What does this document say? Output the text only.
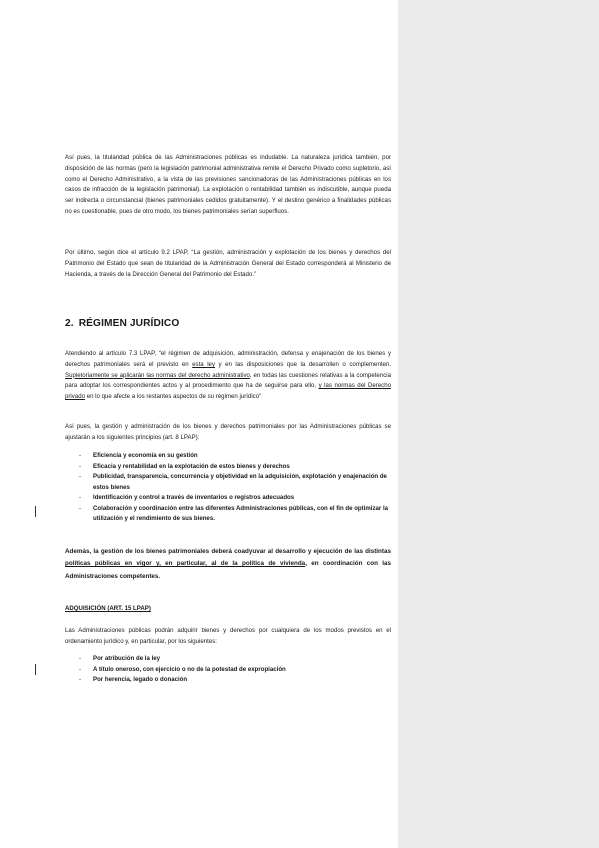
Así pues, la titularidad pública de las Administraciones públicas es indudable. La naturaleza jurídica también, por disposición de las normas (pero la legislación patrimonial administrativa remite el Derecho Privado como supletorio, así como el Derecho Administrativo, a la vista de las previsiones sancionadoras de las Administraciones públicas en los casos de infracción de la legislación patrimonial). La explotación o rentabilidad también es indiscutible, aunque pueda ser indirecta o circunstancial (bienes patrimoniales cedidos gratuitamente). Y el destino genérico a finalidades públicas no es cuestionable, pues de otro modo, los bienes patrimoniales serían superfluos.

Por último, según dice el artículo 9.2 LPAP, “La gestión, administración y explotación de los bienes y derechos del Patrimonio del Estado que sean de titularidad de la Administración General del Estado corresponderá al Ministerio de Hacienda, a través de la Dirección General del Patrimonio del Estado.”

2. RÉGIMEN JURÍDICO

Atendiendo al artículo 7.3 LPAP, “el régimen de adquisición, administración, defensa y enajenación de los bienes y derechos patrimoniales será el previsto en esta ley y en las disposiciones que la desarrollen o complementen. Supletoriamente se aplicarán las normas del derecho administrativo, en todas las cuestiones relativas a la competencia para adoptar los correspondientes actos y al procedimiento que ha de seguirse para ello, y las normas del Derecho privado en lo que afecte a los restantes aspectos de su régimen jurídico”

Así pues, la gestión y administración de los bienes y derechos patrimoniales por las Administraciones públicas se ajustarán a los siguientes principios (art. 8 LPAP):

- Eficiencia y economía en su gestión
- Eficacia y rentabilidad en la explotación de estos bienes y derechos
- Publicidad, transparencia, concurrencia y objetividad en la adquisición, explotación y enajenación de estos bienes
- Identificación y control a través de inventarios o registros adecuados
- Colaboración y coordinación entre las diferentes Administraciones públicas, con el fin de optimizar la utilización y el rendimiento de sus bienes.

Además, la gestión de los bienes patrimoniales deberá coadyuvar al desarrollo y ejecución de las distintas políticas públicas en vigor y, en particular, al de la política de vivienda, en coordinación con las Administraciones competentes.

ADQUISICIÓN (ART. 15 LPAP)

Las Administraciones públicas podrán adquirir bienes y derechos por cualquiera de los modos previstos en el ordenamiento jurídico y, en particular, por los siguientes:

- Por atribución de la ley
- A título oneroso, con ejercicio o no de la potestad de expropiación
- Por herencia, legado o donación
